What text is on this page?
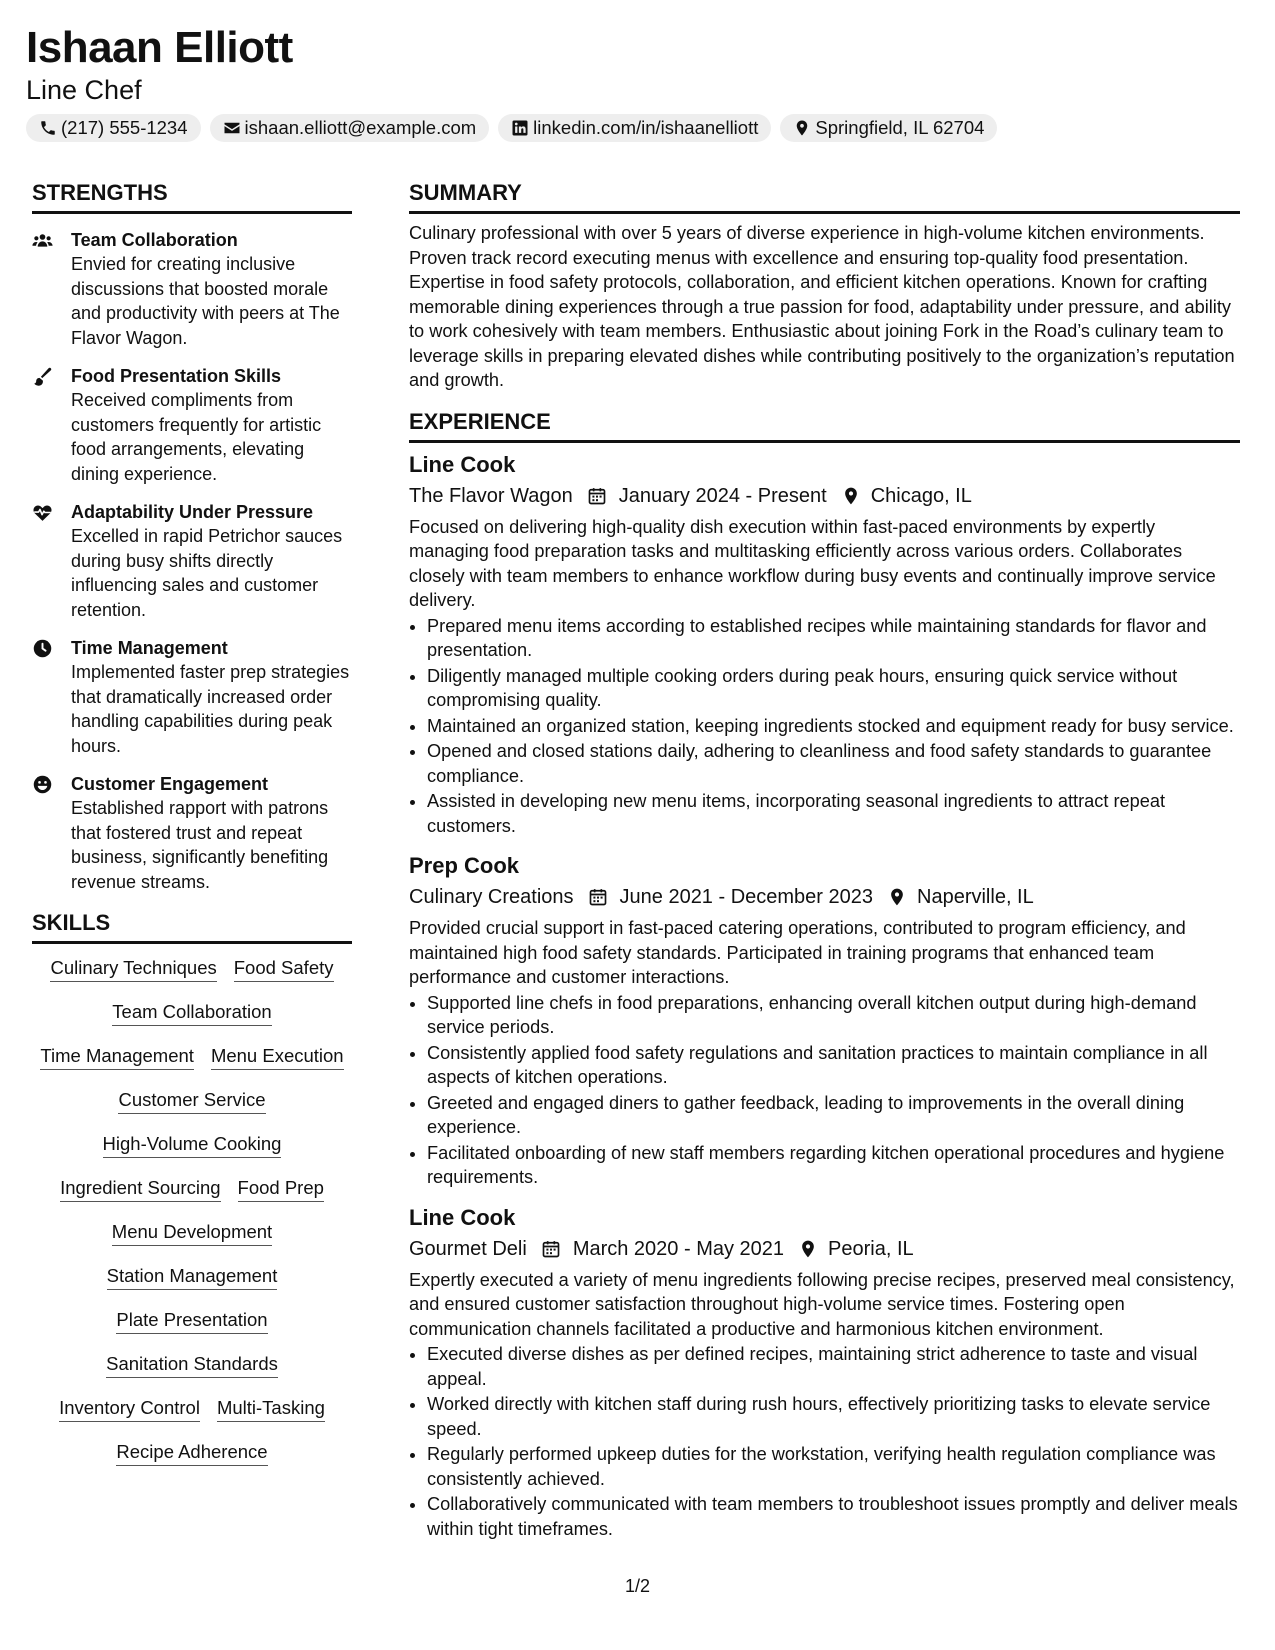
Ishaan Elliott
Line Chef
(217) 555-1234	ishaan.elliott@example.com	linkedin.com/in/ishaanelliott	Springfield, IL 62704
STRENGTHS
Team Collaboration
Envied for creating inclusive discussions that boosted morale and productivity with peers at The Flavor Wagon.
Food Presentation Skills
Received compliments from customers frequently for artistic food arrangements, elevating dining experience.
Adaptability Under Pressure
Excelled in rapid Petrichor sauces during busy shifts directly influencing sales and customer retention.
Time Management
Implemented faster prep strategies that dramatically increased order handling capabilities during peak hours.
Customer Engagement
Established rapport with patrons that fostered trust and repeat business, significantly benefiting revenue streams.
SKILLS
Culinary Techniques Food Safety
Team Collaboration
Time Management Menu Execution
Customer Service
High-Volume Cooking
Ingredient Sourcing Food Prep
Menu Development
Station Management
Plate Presentation
Sanitation Standards
Inventory Control Multi-Tasking
Recipe Adherence
SUMMARY
Culinary professional with over 5 years of diverse experience in high-volume kitchen environments. Proven track record executing menus with excellence and ensuring top-quality food presentation. Expertise in food safety protocols, collaboration, and efficient kitchen operations. Known for crafting memorable dining experiences through a true passion for food, adaptability under pressure, and ability to work cohesively with team members. Enthusiastic about joining Fork in the Road’s culinary team to leverage skills in preparing elevated dishes while contributing positively to the organization’s reputation and growth.
EXPERIENCE
Line Cook
The Flavor Wagon January 2024 - Present Chicago, IL
Focused on delivering high-quality dish execution within fast-paced environments by expertly managing food preparation tasks and multitasking efficiently across various orders. Collaborates closely with team members to enhance workflow during busy events and continually improve service delivery.
• Prepared menu items according to established recipes while maintaining standards for flavor and presentation.
• Diligently managed multiple cooking orders during peak hours, ensuring quick service without compromising quality.
• Maintained an organized station, keeping ingredients stocked and equipment ready for busy service.
• Opened and closed stations daily, adhering to cleanliness and food safety standards to guarantee compliance.
• Assisted in developing new menu items, incorporating seasonal ingredients to attract repeat customers.
Prep Cook
Culinary Creations June 2021 - December 2023 Naperville, IL
Provided crucial support in fast-paced catering operations, contributed to program efficiency, and maintained high food safety standards. Participated in training programs that enhanced team performance and customer interactions.
• Supported line chefs in food preparations, enhancing overall kitchen output during high-demand service periods.
• Consistently applied food safety regulations and sanitation practices to maintain compliance in all aspects of kitchen operations.
• Greeted and engaged diners to gather feedback, leading to improvements in the overall dining experience.
• Facilitated onboarding of new staff members regarding kitchen operational procedures and hygiene requirements.
Line Cook
Gourmet Deli March 2020 - May 2021 Peoria, IL
Expertly executed a variety of menu ingredients following precise recipes, preserved meal consistency, and ensured customer satisfaction throughout high-volume service times. Fostering open communication channels facilitated a productive and harmonious kitchen environment.
• Executed diverse dishes as per defined recipes, maintaining strict adherence to taste and visual appeal.
• Worked directly with kitchen staff during rush hours, effectively prioritizing tasks to elevate service speed.
• Regularly performed upkeep duties for the workstation, verifying health regulation compliance was consistently achieved.
• Collaboratively communicated with team members to troubleshoot issues promptly and deliver meals within tight timeframes.
1/2
